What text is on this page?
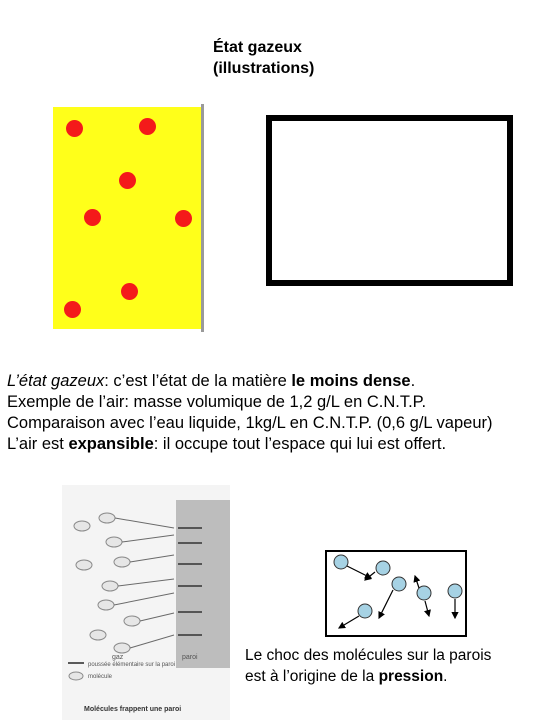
État gazeux
(illustrations)

L’état gazeux: c’est l’état de la matière le moins dense.

Exemple de l’air: masse volumique de 1,2 g/L en C.N.T.P.

Comparaison avec l’eau liquide, 1kg/L en C.N.T.P. (0,6 g/L vapeur)

L’air est expansible: il occupe tout l’espace qui lui est offert.

gaz	paroi
poussée élémentaire sur la paroi
molécule
Molécules frappent une paroi
Le choc des molécules sur la parois
est à l’origine de la pression.
